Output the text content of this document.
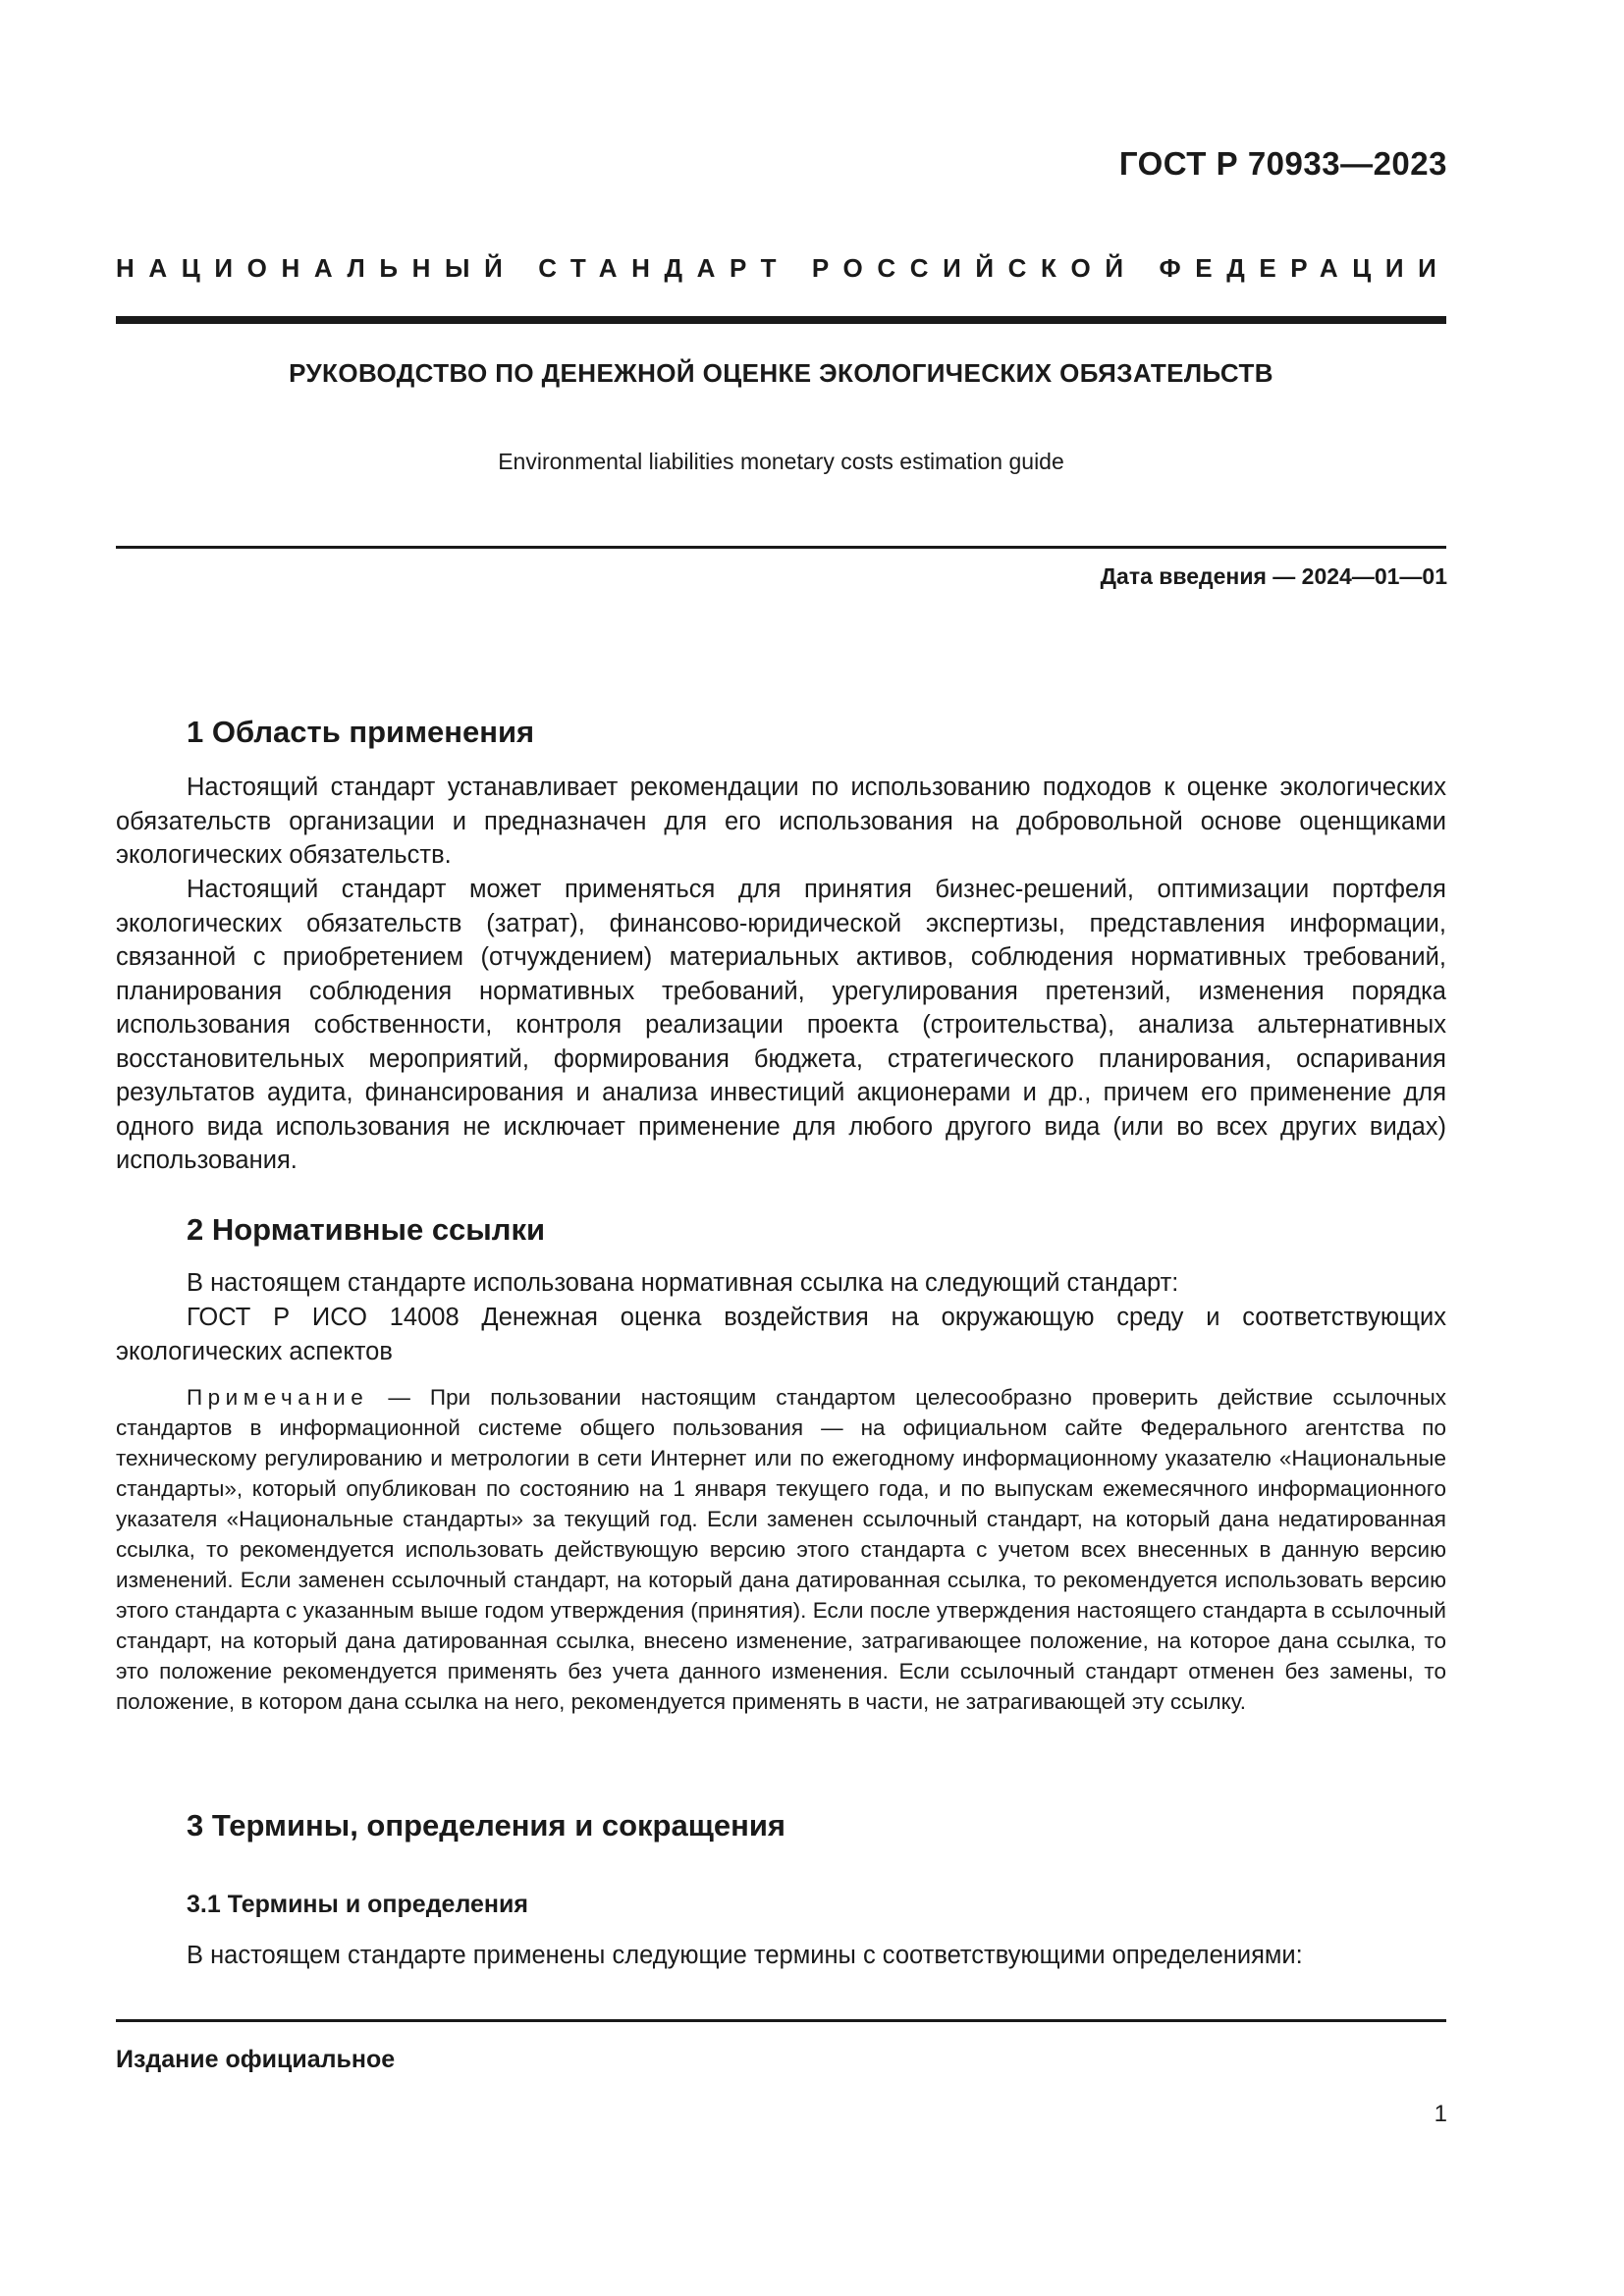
ГОСТ Р 70933—2023
НАЦИОНАЛЬНЫЙ СТАНДАРТ РОССИЙСКОЙ ФЕДЕРАЦИИ
РУКОВОДСТВО ПО ДЕНЕЖНОЙ ОЦЕНКЕ ЭКОЛОГИЧЕСКИХ ОБЯЗАТЕЛЬСТВ
Environmental liabilities monetary costs estimation guide
Дата введения — 2024—01—01
1 Область применения

Настоящий стандарт устанавливает рекомендации по использованию подходов к оценке экологических обязательств организации и предназначен для его использования на добровольной основе оценщиками экологических обязательств.

Настоящий стандарт может применяться для принятия бизнес-решений, оптимизации портфеля экологических обязательств (затрат), финансово-юридической экспертизы, представления информации, связанной с приобретением (отчуждением) материальных активов, соблюдения нормативных требований, планирования соблюдения нормативных требований, урегулирования претензий, изменения порядка использования собственности, контроля реализации проекта (строительства), анализа альтернативных восстановительных мероприятий, формирования бюджета, стратегического планирования, оспаривания результатов аудита, финансирования и анализа инвестиций акционерами и др., причем его применение для одного вида использования не исключает применение для любого другого вида (или во всех других видах) использования.

2 Нормативные ссылки
В настоящем стандарте использована нормативная ссылка на следующий стандарт:

ГОСТ Р ИСО 14008 Денежная оценка воздействия на окружающую среду и соответствующих экологических аспектов

Примечание — При пользовании настоящим стандартом целесообразно проверить действие ссылочных стандартов в информационной системе общего пользования — на официальном сайте Федерального агентства по техническому регулированию и метрологии в сети Интернет или по ежегодному информационному указателю «Национальные стандарты», который опубликован по состоянию на 1 января текущего года, и по выпускам ежемесячного информационного указателя «Национальные стандарты» за текущий год. Если заменен ссылочный стандарт, на который дана недатированная ссылка, то рекомендуется использовать действующую версию этого стандарта с учетом всех внесенных в данную версию изменений. Если заменен ссылочный стандарт, на который дана датированная ссылка, то рекомендуется использовать версию этого стандарта с указанным выше годом утверждения (принятия). Если после утверждения настоящего стандарта в ссылочный стандарт, на который дана датированная ссылка, внесено изменение, затрагивающее положение, на которое дана ссылка, то это положение рекомендуется применять без учета данного изменения. Если ссылочный стандарт отменен без замены, то положение, в котором дана ссылка на него, рекомендуется применять в части, не затрагивающей эту ссылку.

3 Термины, определения и сокращения
3.1 Термины и определения
В настоящем стандарте применены следующие термины с соответствующими определениями:
Издание официальное
1
